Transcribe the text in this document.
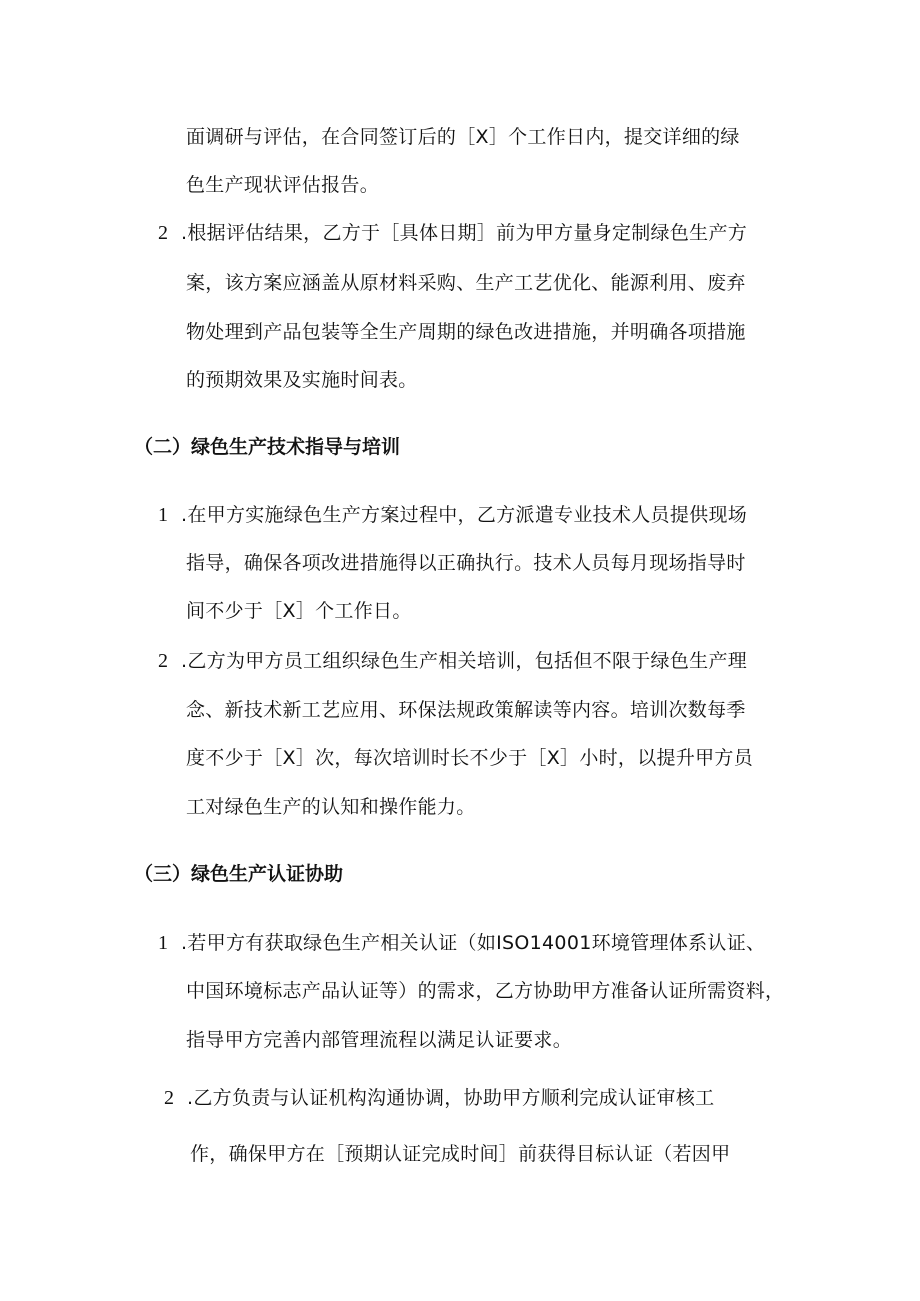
面调研与评估，在合同签订后的［X］个工作日内，提交详细的绿
色生产现状评估报告。
2 .根据评估结果，乙方于［具体日期］前为甲方量身定制绿色生产方
案，该方案应涵盖从原材料采购、生产工艺优化、能源利用、废弃
物处理到产品包装等全生产周期的绿色改进措施，并明确各项措施
的预期效果及实施时间表。
（二）绿色生产技术指导与培训
1 .在甲方实施绿色生产方案过程中，乙方派遣专业技术人员提供现场
指导，确保各项改进措施得以正确执行。技术人员每月现场指导时
间不少于［X］个工作日。
2 .乙方为甲方员工组织绿色生产相关培训，包括但不限于绿色生产理
念、新技术新工艺应用、环保法规政策解读等内容。培训次数每季
度不少于［X］次，每次培训时长不少于［X］小时，以提升甲方员
工对绿色生产的认知和操作能力。
（三）绿色生产认证协助
1 .若甲方有获取绿色生产相关认证（如ISO14001环境管理体系认证、
中国环境标志产品认证等）的需求，乙方协助甲方准备认证所需资料，
指导甲方完善内部管理流程以满足认证要求。
2 .乙方负责与认证机构沟通协调，协助甲方顺利完成认证审核工
作，确保甲方在［预期认证完成时间］前获得目标认证（若因甲
